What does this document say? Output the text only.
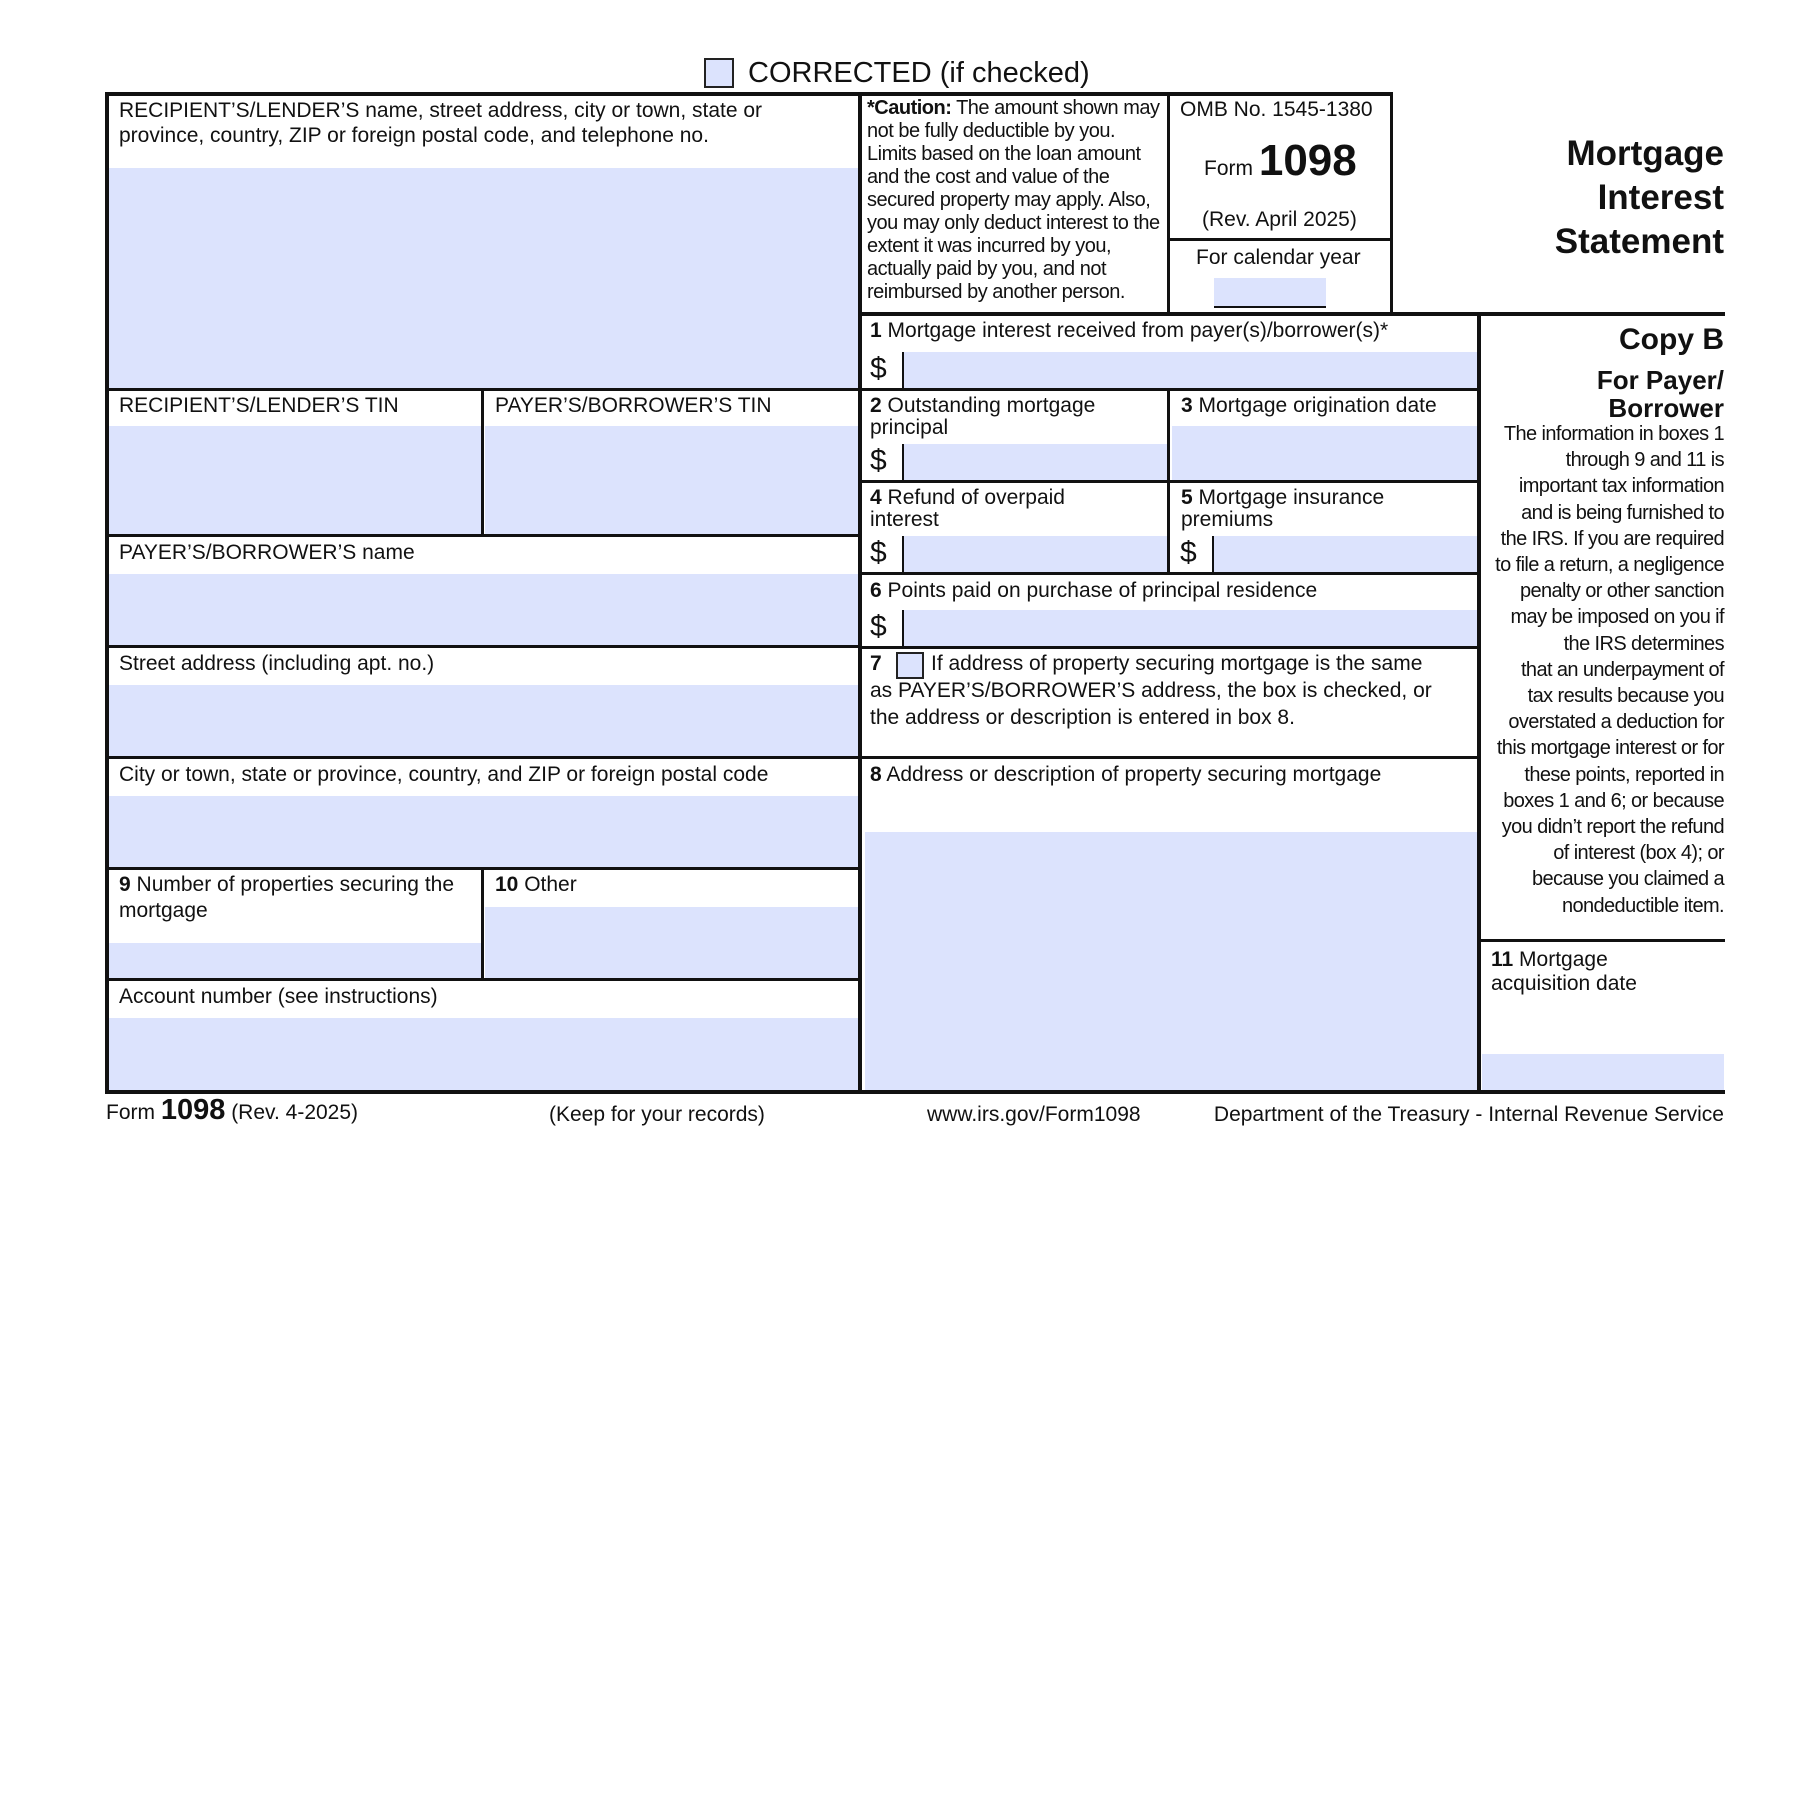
CORRECTED (if checked)
RECIPIENT’S/LENDER’S name, street address, city or town, state or
province, country, ZIP or foreign postal code, and telephone no.
RECIPIENT’S/LENDER’S TIN	PAYER’S/BORROWER’S TIN
PAYER’S/BORROWER’S name
Street address (including apt. no.)
City or town, state or province, country, and ZIP or foreign postal code
9 Number of properties securing the
mortgage
10 Other
Account number (see instructions)
*Caution: The amount shown may
not be fully deductible by you.
Limits based on the loan amount
and the cost and value of the
secured property may apply. Also,
you may only deduct interest to the
extent it was incurred by you,
actually paid by you, and not
reimbursed by another person.
OMB No. 1545-1380
Form 1098
(Rev. April 2025)
For calendar year
Mortgage
Interest
Statement
1 Mortgage interest received from payer(s)/borrower(s)*
$
2 Outstanding mortgage
principal
$
3 Mortgage origination date
4 Refund of overpaid
interest
$
5 Mortgage insurance
premiums
$
6 Points paid on purchase of principal residence
$
7 If address of property securing mortgage is the same
as PAYER’S/BORROWER’S address, the box is checked, or
the address or description is entered in box 8.
8 Address or description of property securing mortgage
Copy B
For Payer/
Borrower
The information in boxes 1
through 9 and 11 is
important tax information
and is being furnished to
the IRS. If you are required
to file a return, a negligence
penalty or other sanction
may be imposed on you if
the IRS determines
that an underpayment of
tax results because you
overstated a deduction for
this mortgage interest or for
these points, reported in
boxes 1 and 6; or because
you didn’t report the refund
of interest (box 4); or
because you claimed a
nondeductible item.
11 Mortgage
acquisition date
Form 1098 (Rev. 4-2025)	(Keep for your records)	www.irs.gov/Form1098	Department of the Treasury - Internal Revenue Service
